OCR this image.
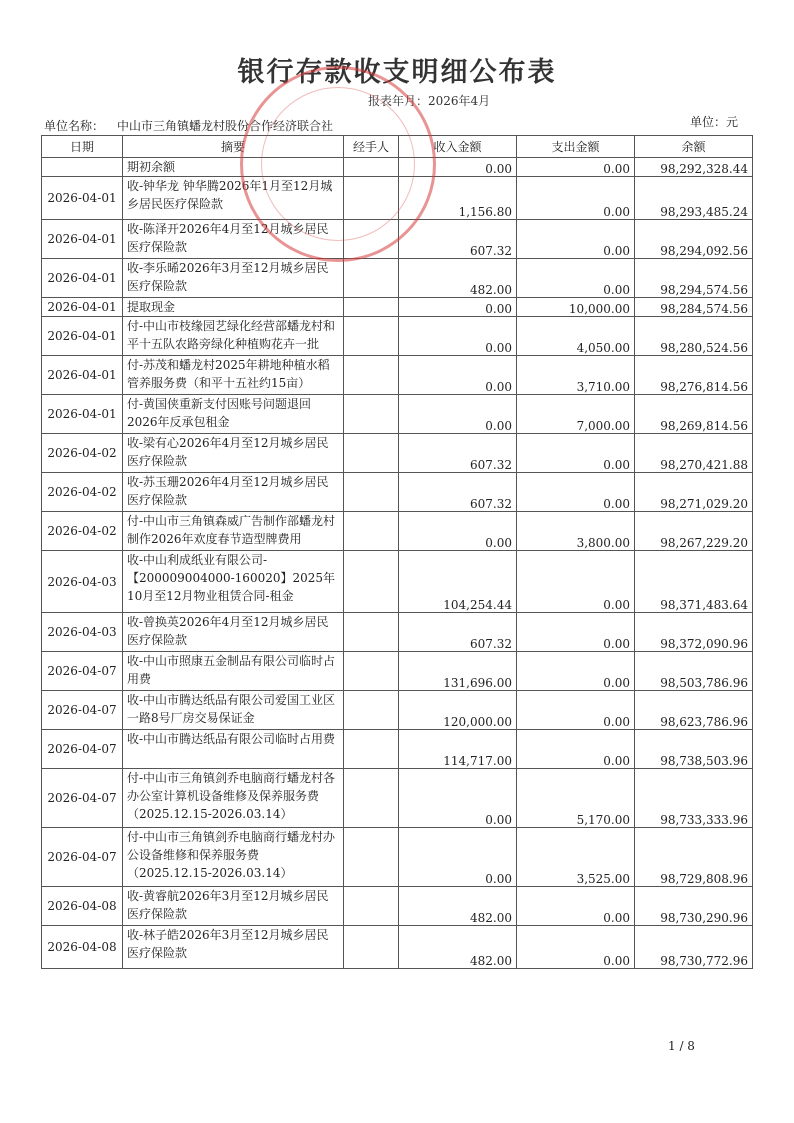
银行存款收支明细公布表
报表年月：2026年4月
单位名称： 中山市三角镇蟠龙村股份合作经济联合社	单位：元
日期	摘要	经手人	收入金额	支出金额	余额
	期初余额		0.00	0.00	98,292,328.44
2026-04-01	收-钟华龙 钟华腾2026年1月至12月城乡居民医疗保险款		1,156.80	0.00	98,293,485.24
2026-04-01	收-陈泽开2026年4月至12月城乡居民医疗保险款		607.32	0.00	98,294,092.56
2026-04-01	收-李乐晞2026年3月至12月城乡居民医疗保险款		482.00	0.00	98,294,574.56
2026-04-01	提取现金		0.00	10,000.00	98,284,574.56
2026-04-01	付-中山市枝缘园艺绿化经营部蟠龙村和平十五队农路旁绿化种植购花卉一批		0.00	4,050.00	98,280,524.56
2026-04-01	付-苏茂和蟠龙村2025年耕地种植水稻管养服务费（和平十五社约15亩）		0.00	3,710.00	98,276,814.56
2026-04-01	付-黄国侠重新支付因账号问题退回2026年反承包租金		0.00	7,000.00	98,269,814.56
2026-04-02	收-梁有心2026年4月至12月城乡居民医疗保险款		607.32	0.00	98,270,421.88
2026-04-02	收-苏玉珊2026年4月至12月城乡居民医疗保险款		607.32	0.00	98,271,029.20
2026-04-02	付-中山市三角镇森威广告制作部蟠龙村制作2026年欢度春节造型牌费用		0.00	3,800.00	98,267,229.20
2026-04-03	收-中山利成纸业有限公司-【200009004000-160020】2025年10月至12月物业租赁合同-租金		104,254.44	0.00	98,371,483.64
2026-04-03	收-曾换英2026年4月至12月城乡居民医疗保险款		607.32	0.00	98,372,090.96
2026-04-07	收-中山市照康五金制品有限公司临时占用费		131,696.00	0.00	98,503,786.96
2026-04-07	收-中山市腾达纸品有限公司爱国工业区一路8号厂房交易保证金		120,000.00	0.00	98,623,786.96
2026-04-07	收-中山市腾达纸品有限公司临时占用费		114,717.00	0.00	98,738,503.96
2026-04-07	付-中山市三角镇剑乔电脑商行蟠龙村各办公室计算机设备维修及保养服务费（2025.12.15-2026.03.14）		0.00	5,170.00	98,733,333.96
2026-04-07	付-中山市三角镇剑乔电脑商行蟠龙村办公设备维修和保养服务费（2025.12.15-2026.03.14）		0.00	3,525.00	98,729,808.96
2026-04-08	收-黄睿航2026年3月至12月城乡居民医疗保险款		482.00	0.00	98,730,290.96
2026-04-08	收-林子皓2026年3月至12月城乡居民医疗保险款		482.00	0.00	98,730,772.96
1 / 8
